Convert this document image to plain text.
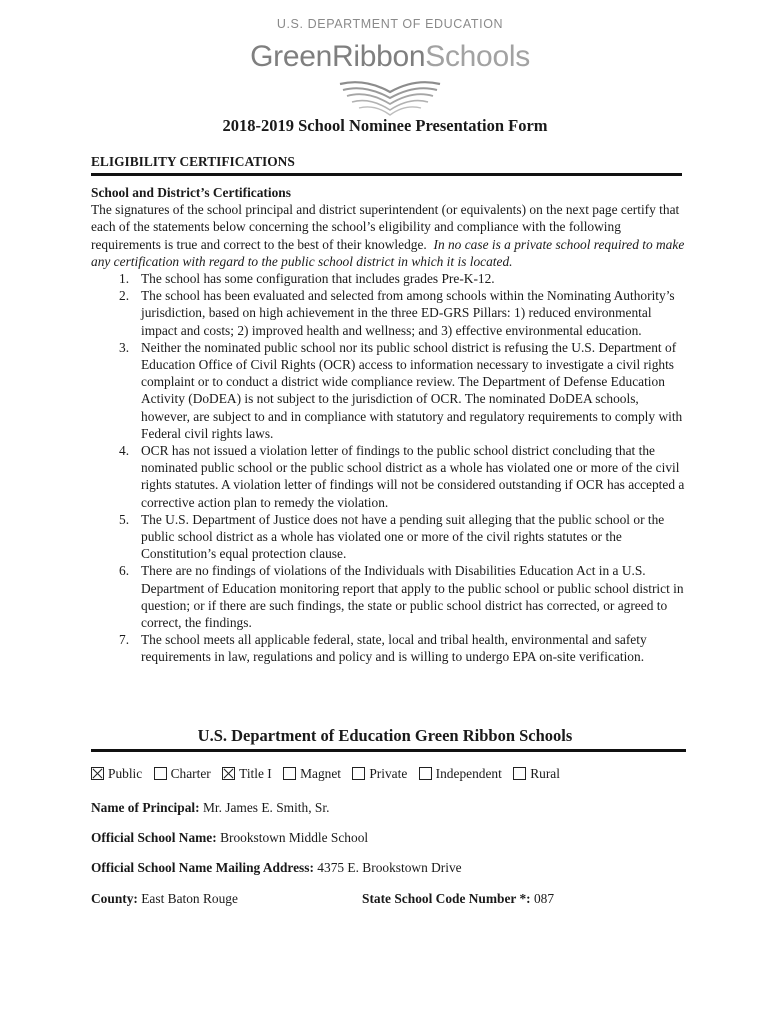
U.S. DEPARTMENT OF EDUCATION
GreenRibbonSchools
2018-2019 School Nominee Presentation Form
ELIGIBILITY CERTIFICATIONS
School and District’s Certifications

The signatures of the school principal and district superintendent (or equivalents) on the next page certify that each of the statements below concerning the school’s eligibility and compliance with the following requirements is true and correct to the best of their knowledge. In no case is a private school required to make any certification with regard to the public school district in which it is located.

1. The school has some configuration that includes grades Pre-K-12.
2. The school has been evaluated and selected from among schools within the Nominating Authority’s jurisdiction, based on high achievement in the three ED-GRS Pillars: 1) reduced environmental impact and costs; 2) improved health and wellness; and 3) effective environmental education.
3. Neither the nominated public school nor its public school district is refusing the U.S. Department of Education Office of Civil Rights (OCR) access to information necessary to investigate a civil rights complaint or to conduct a district wide compliance review. The Department of Defense Education Activity (DoDEA) is not subject to the jurisdiction of OCR. The nominated DoDEA schools, however, are subject to and in compliance with statutory and regulatory requirements to comply with Federal civil rights laws.
4. OCR has not issued a violation letter of findings to the public school district concluding that the nominated public school or the public school district as a whole has violated one or more of the civil rights statutes. A violation letter of findings will not be considered outstanding if OCR has accepted a corrective action plan to remedy the violation.
5. The U.S. Department of Justice does not have a pending suit alleging that the public school or the public school district as a whole has violated one or more of the civil rights statutes or the Constitution’s equal protection clause.
6. There are no findings of violations of the Individuals with Disabilities Education Act in a U.S. Department of Education monitoring report that apply to the public school or public school district in question; or if there are such findings, the state or public school district has corrected, or agreed to correct, the findings.
7. The school meets all applicable federal, state, local and tribal health, environmental and safety requirements in law, regulations and policy and is willing to undergo EPA on-site verification.
U.S. Department of Education Green Ribbon Schools
Public Charter Title I Magnet Private Independent Rural
Name of Principal: Mr. James E. Smith, Sr.
Official School Name: Brookstown Middle School
Official School Name Mailing Address: 4375 E. Brookstown Drive
County: East Baton Rouge	State School Code Number *: 087
